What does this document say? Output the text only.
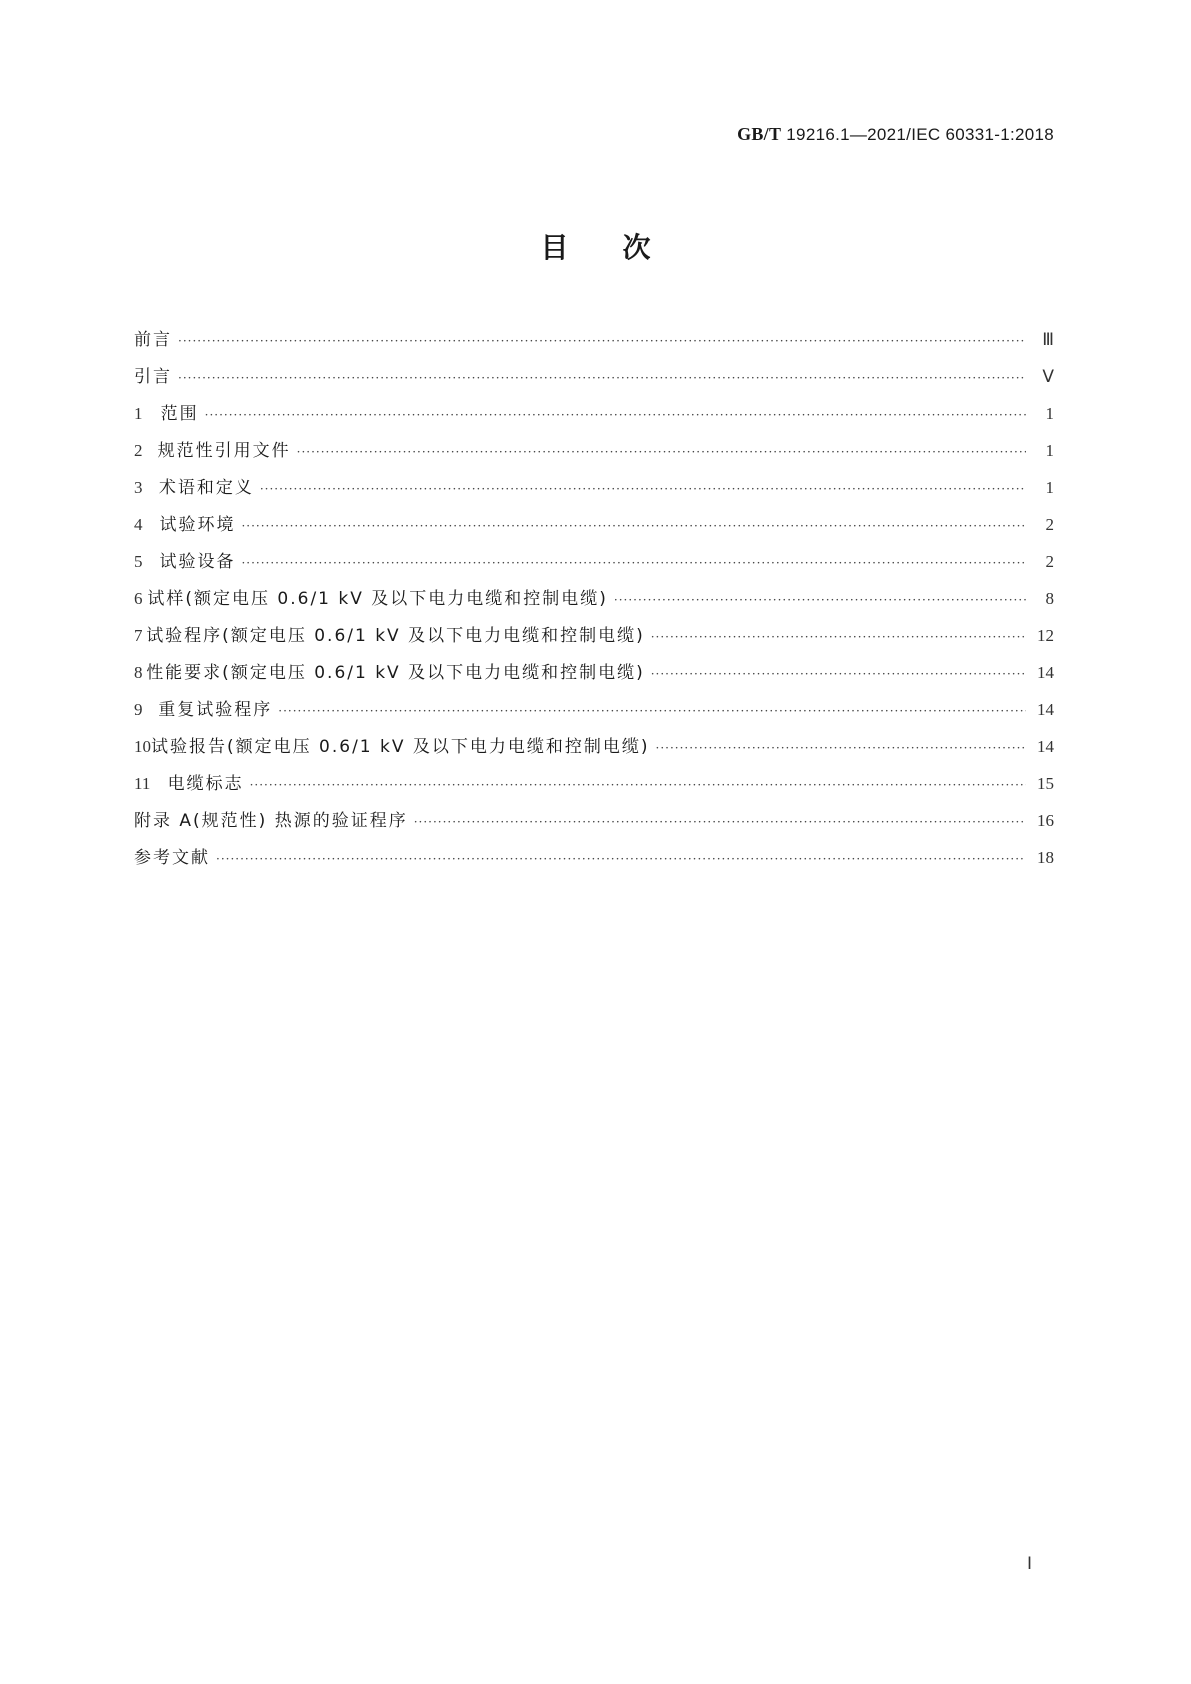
GB/T 19216.1—2021/IEC 60331-1:2018
目次
前言 ·····	Ⅲ
引言 ·····	Ⅴ
1	范围 ·····	1
2 规范性引用文件 ·····	1
3 术语和定义 ·····	1
4 试验环境 ·····	2
5 试验设备 ·····	2
6 试样(额定电压 0.6/1 kV 及以下电力电缆和控制电缆) ·····	8
7 试验程序(额定电压 0.6/1 kV 及以下电力电缆和控制电缆) ·····	12
8 性能要求(额定电压 0.6/1 kV 及以下电力电缆和控制电缆) ·····	14
9 重复试验程序 ·····	14
10 试验报告(额定电压 0.6/1 kV 及以下电力电缆和控制电缆) ·····	14
11	电缆标志 ·····	15
附录 A(规范性) 热源的验证程序 ·····	16
参考文献 ·····	18
Ⅰ
